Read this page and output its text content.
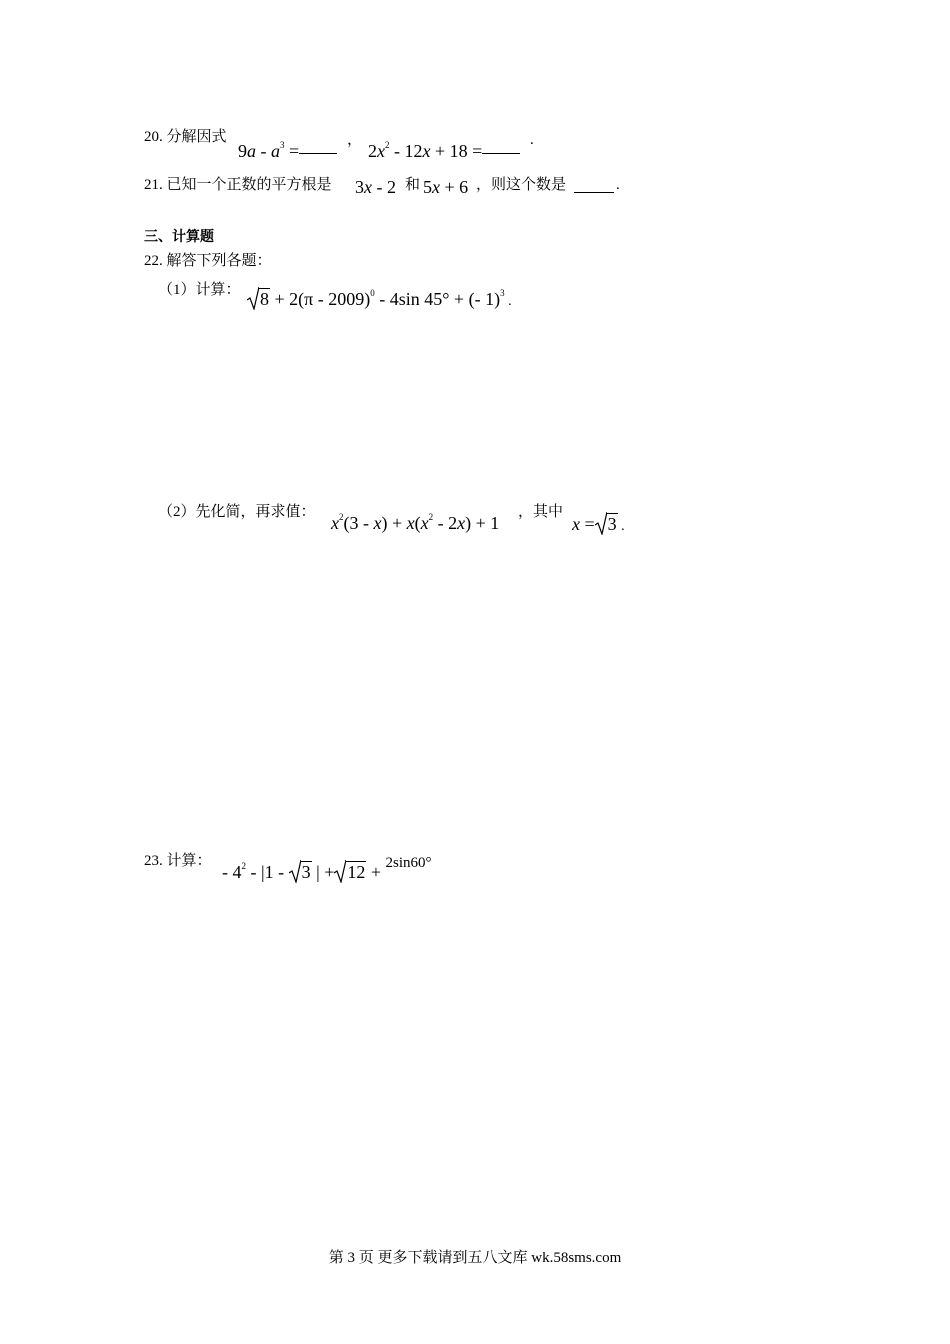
20. 分解因式
$9a - a^3$ =
，
$2x^2 - 12x + 18$ =
.
21. 已知一个正数的平方根是 3x - 2 和 5x + 6 ，则这个数是	.
三、计算题
22. 解答下列各题：
（1）计算：	8 + 2(π - 2009)$^0$ - 4sin 45° + (- 1)$^3$ .
（2）先化简，再求值：
$x^2(3 - x) + x(x^2 - 2x) + 1$
，其中
x = 3 .
23. 计算：
- $4^2 - |1$ -
3 | + 12 + $^{2sin60^\circ}$
第 3 页 更多下载请到五八文库 wk.58sms.com
